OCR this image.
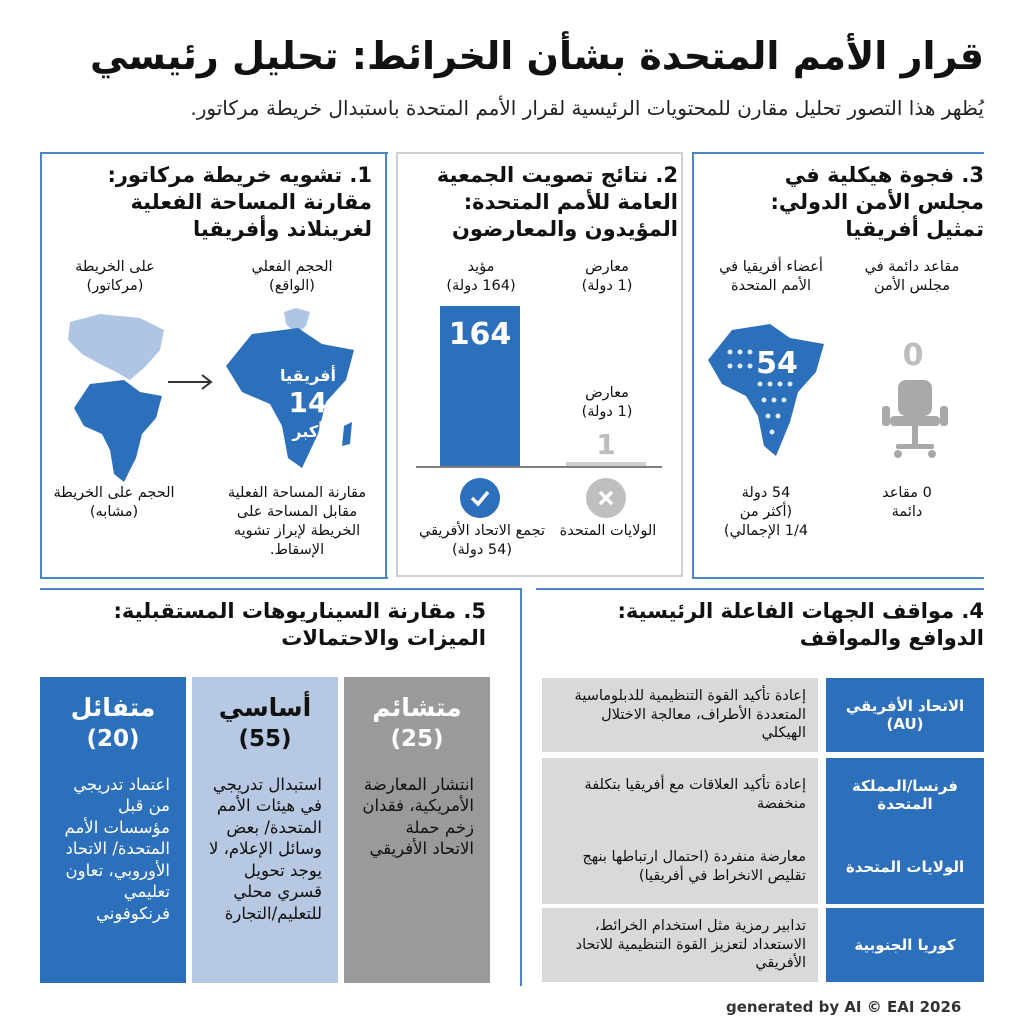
قرار الأمم المتحدة بشأن الخرائط: تحليل رئيسي
يُظهر هذا التصور تحليل مقارن للمحتويات الرئيسية لقرار الأمم المتحدة باستبدال خريطة مركاتور.
1. تشويه خريطة مركاتور: مقارنة المساحة الفعلية لغرينلاند وأفريقيا
الحجم الفعلي
(الواقع)
على الخريطة
(مركاتور)
أفريقيا
14
أكبر
مقارنة المساحة الفعلية مقابل المساحة على الخريطة لإبراز تشويه الإسقاط.
الحجم على الخريطة
(مشابه)
2. نتائج تصويت الجمعية العامة للأمم المتحدة: المؤيدون والمعارضون
مؤيد
(164 دولة)
معارض
(1 دولة)
معارض
(1 دولة)
164
1
تجمع الاتحاد الأفريقي
(54 دولة)
الولايات المتحدة
3. فجوة هيكلية في مجلس الأمن الدولي: تمثيل أفريقيا
مقاعد دائمة في مجلس الأمن
أعضاء أفريقيا في الأمم المتحدة
0
54
0 مقاعد
دائمة
54 دولة
(أكثر من
1/4 الإجمالي)
5. مقارنة السيناريوهات المستقبلية: الميزات والاحتمالات
متفائل
(20)
اعتماد تدريجي من قبل مؤسسات الأمم المتحدة/ الاتحاد الأوروبي، تعاون تعليمي فرنكوفوني
أساسي
(55)
استبدال تدريجي في هيئات الأمم المتحدة/ بعض وسائل الإعلام، لا يوجد تحويل قسري محلي للتعليم/التجارة
متشائم
(25)
انتشار المعارضة الأمريكية، فقدان زخم حملة الاتحاد الأفريقي
4. مواقف الجهات الفاعلة الرئيسية: الدوافع والمواقف
الاتحاد الأفريقي (AU)
إعادة تأكيد القوة التنظيمية للدبلوماسية المتعددة الأطراف، معالجة الاختلال الهيكلي
فرنسا/المملكة المتحدة
إعادة تأكيد العلاقات مع أفريقيا بتكلفة منخفضة
الولايات المتحدة
معارضة منفردة (احتمال ارتباطها بنهج تقليص الانخراط في أفريقيا)
كوريا الجنوبية
تدابير رمزية مثل استخدام الخرائط، الاستعداد لتعزيز القوة التنظيمية للاتحاد الأفريقي
generated by AI © EAI 2026
